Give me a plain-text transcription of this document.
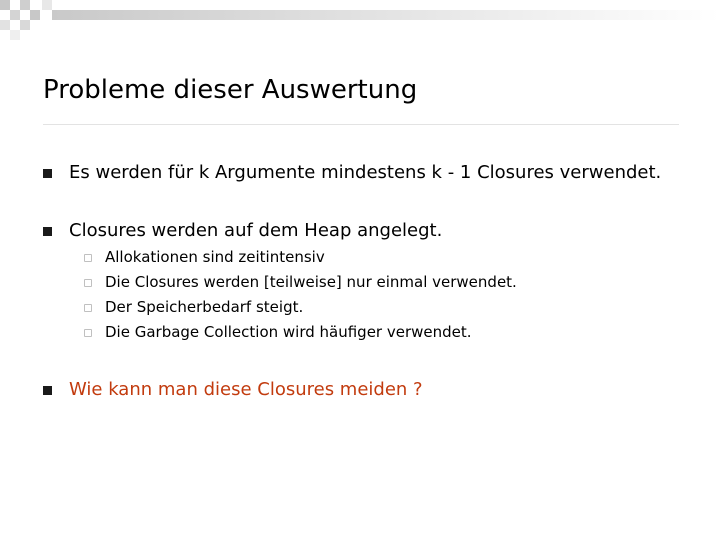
Probleme dieser Auswertung
Es werden für k Argumente mindestens k - 1 Closures verwendet.
Closures werden auf dem Heap angelegt.
Allokationen sind zeitintensiv
Die Closures werden [teilweise] nur einmal verwendet.
Der Speicherbedarf steigt.
Die Garbage Collection wird häufiger verwendet.
Wie kann man diese Closures meiden ?
